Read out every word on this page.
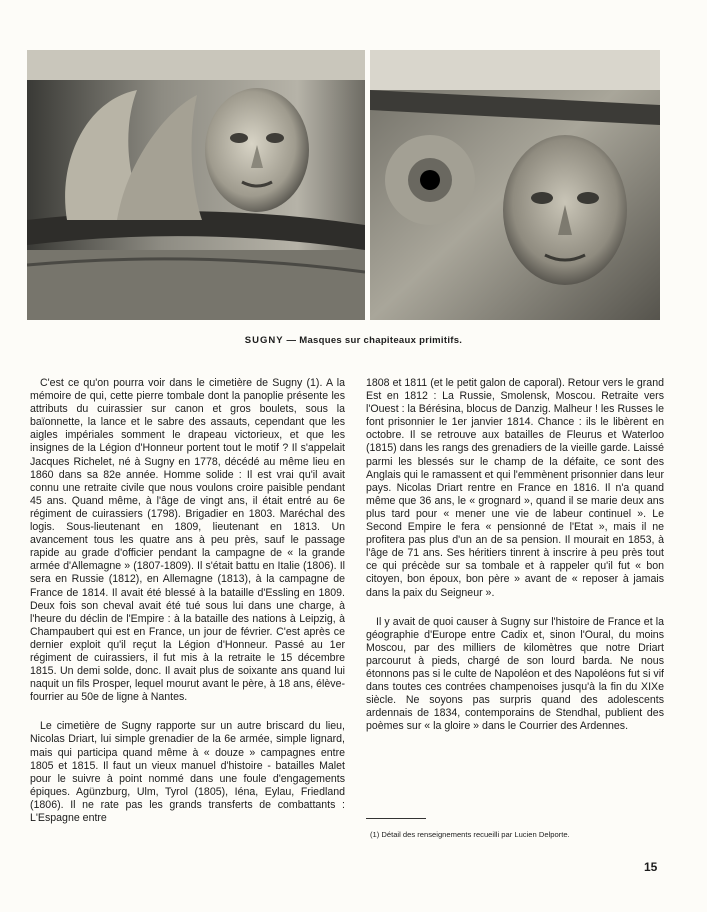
SUGNY — Masques sur chapiteaux primitifs.

C'est ce qu'on pourra voir dans le cimetière de Sugny (1). A la mémoire de qui, cette pierre tombale dont la panoplie présente les attributs du cuirassier sur canon et gros boulets, sous la baïonnette, la lance et le sabre des assauts, cependant que les aigles impériales somment le drapeau victorieux, et que les insignes de la Légion d'Honneur portent tout le motif ? Il s'appelait Jacques Richelet, né à Sugny en 1778, décédé au même lieu en 1860 dans sa 82e année. Homme solide : Il est vrai qu'il avait connu une retraite civile que nous voulons croire paisible pendant 45 ans. Quand même, à l'âge de vingt ans, il était entré au 6e régiment de cuirassiers (1798). Brigadier en 1803. Maréchal des logis. Sous-lieutenant en 1809, lieutenant en 1813. Un avancement tous les quatre ans à peu près, sauf le passage rapide au grade d'officier pendant la campagne de « la grande armée d'Allemagne » (1807-1809). Il s'était battu en Italie (1806). Il sera en Russie (1812), en Allemagne (1813), à la campagne de France de 1814. Il avait été blessé à la bataille d'Essling en 1809. Deux fois son cheval avait été tué sous lui dans une charge, à l'heure du déclin de l'Empire : à la bataille des nations à Leipzig, à Champaubert qui est en France, un jour de février. C'est après ce dernier exploit qu'il reçut la Légion d'Honneur. Passé au 1er régiment de cuirassiers, il fut mis à la retraite le 15 décembre 1815. Un demi solde, donc. Il avait plus de soixante ans quand lui naquit un fils Prosper, lequel mourut avant le père, à 18 ans, élève-fourrier au 50e de ligne à Nantes.

Le cimetière de Sugny rapporte sur un autre briscard du lieu, Nicolas Driart, lui simple grenadier de la 6e armée, simple lignard, mais qui participa quand même à « douze » campagnes entre 1805 et 1815. Il faut un vieux manuel d'histoire - batailles Malet pour le suivre à point nommé dans une foule d'engagements épiques. Agünzburg, Ulm, Tyrol (1805), Iéna, Eylau, Friedland (1806). Il ne rate pas les grands transferts de combattants : L'Espagne entre

1808 et 1811 (et le petit galon de caporal). Retour vers le grand Est en 1812 : La Russie, Smolensk, Moscou. Retraite vers l'Ouest : la Bérésina, blocus de Danzig. Malheur ! les Russes le font prisonnier le 1er janvier 1814. Chance : ils le libèrent en octobre. Il se retrouve aux batailles de Fleurus et Waterloo (1815) dans les rangs des grenadiers de la vieille garde. Laissé parmi les blessés sur le champ de la défaite, ce sont des Anglais qui le ramassent et qui l'emmènent prisonnier dans leur pays. Nicolas Driart rentre en France en 1816. Il n'a quand même que 36 ans, le « grognard », quand il se marie deux ans plus tard pour « mener une vie de labeur continuel ». Le Second Empire le fera « pensionné de l'Etat », mais il ne profitera pas plus d'un an de sa pension. Il mourait en 1853, à l'âge de 71 ans. Ses héritiers tinrent à inscrire à peu près tout ce qui précède sur sa tombale et à rappeler qu'il fut « bon citoyen, bon époux, bon père » avant de « reposer à jamais dans la paix du Seigneur ».

Il y avait de quoi causer à Sugny sur l'histoire de France et la géographie d'Europe entre Cadix et, sinon l'Oural, du moins Moscou, par des milliers de kilomètres que notre Driart parcourut à pieds, chargé de son lourd barda. Ne nous étonnons pas si le culte de Napoléon et des Napoléons fut si vif dans toutes ces contrées champenoises jusqu'à la fin du XIXe siècle. Ne soyons pas surpris quand des adolescents ardennais de 1834, contemporains de Stendhal, publient des poèmes sur « la gloire » dans le Courrier des Ardennes.

(1) Détail des renseignements recueilli par Lucien Delporte.
15
